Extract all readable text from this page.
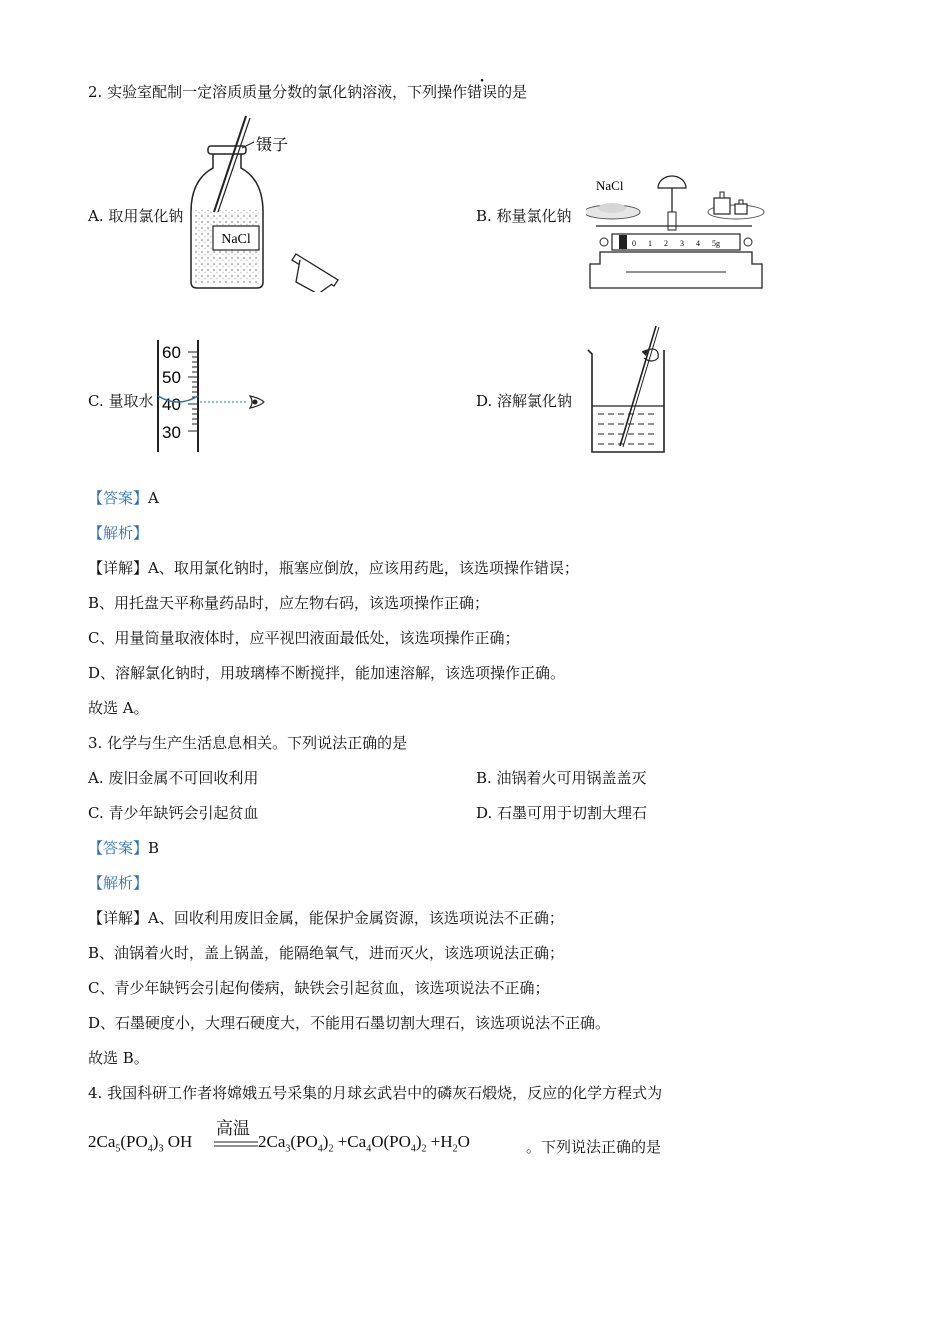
2. 实验室配制一定溶质质量分数的氯化钠溶液，下列操作错误的是
A. 取用氯化钠	B. 称量氯化钠
C. 量取水	D. 溶解氯化钠
NaCl
镊子
NaCl
0 1 2 3 4 5g
60
50
40
30
【答案】A
【解析】
【详解】A、取用氯化钠时，瓶塞应倒放，应该用药匙，该选项操作错误；
B、用托盘天平称量药品时，应左物右码，该选项操作正确；
C、用量筒量取液体时，应平视凹液面最低处，该选项操作正确；
D、溶解氯化钠时，用玻璃棒不断搅拌，能加速溶解，该选项操作正确。
故选 A。
3. 化学与生产生活息息相关。下列说法正确的是
A. 废旧金属不可回收利用	B. 油锅着火可用锅盖盖灭
C. 青少年缺钙会引起贫血	D. 石墨可用于切割大理石
【答案】B
【解析】
【详解】A、回收利用废旧金属，能保护金属资源，该选项说法不正确；
B、油锅着火时，盖上锅盖，能隔绝氧气，进而灭火，该选项说法正确；
C、青少年缺钙会引起佝偻病，缺铁会引起贫血，该选项说法不正确；
D、石墨硬度小，大理石硬度大，不能用石墨切割大理石，该选项说法不正确。
故选 B。
4. 我国科研工作者将嫦娥五号采集的月球玄武岩中的磷灰石煅烧，反应的化学方程式为
高温
$2Ca_5(PO_4)_3$ OH	$2Ca_3(PO_4)_2 +Ca_4O(PO_4)_2 +H_2O$	。下列说法正确的是
